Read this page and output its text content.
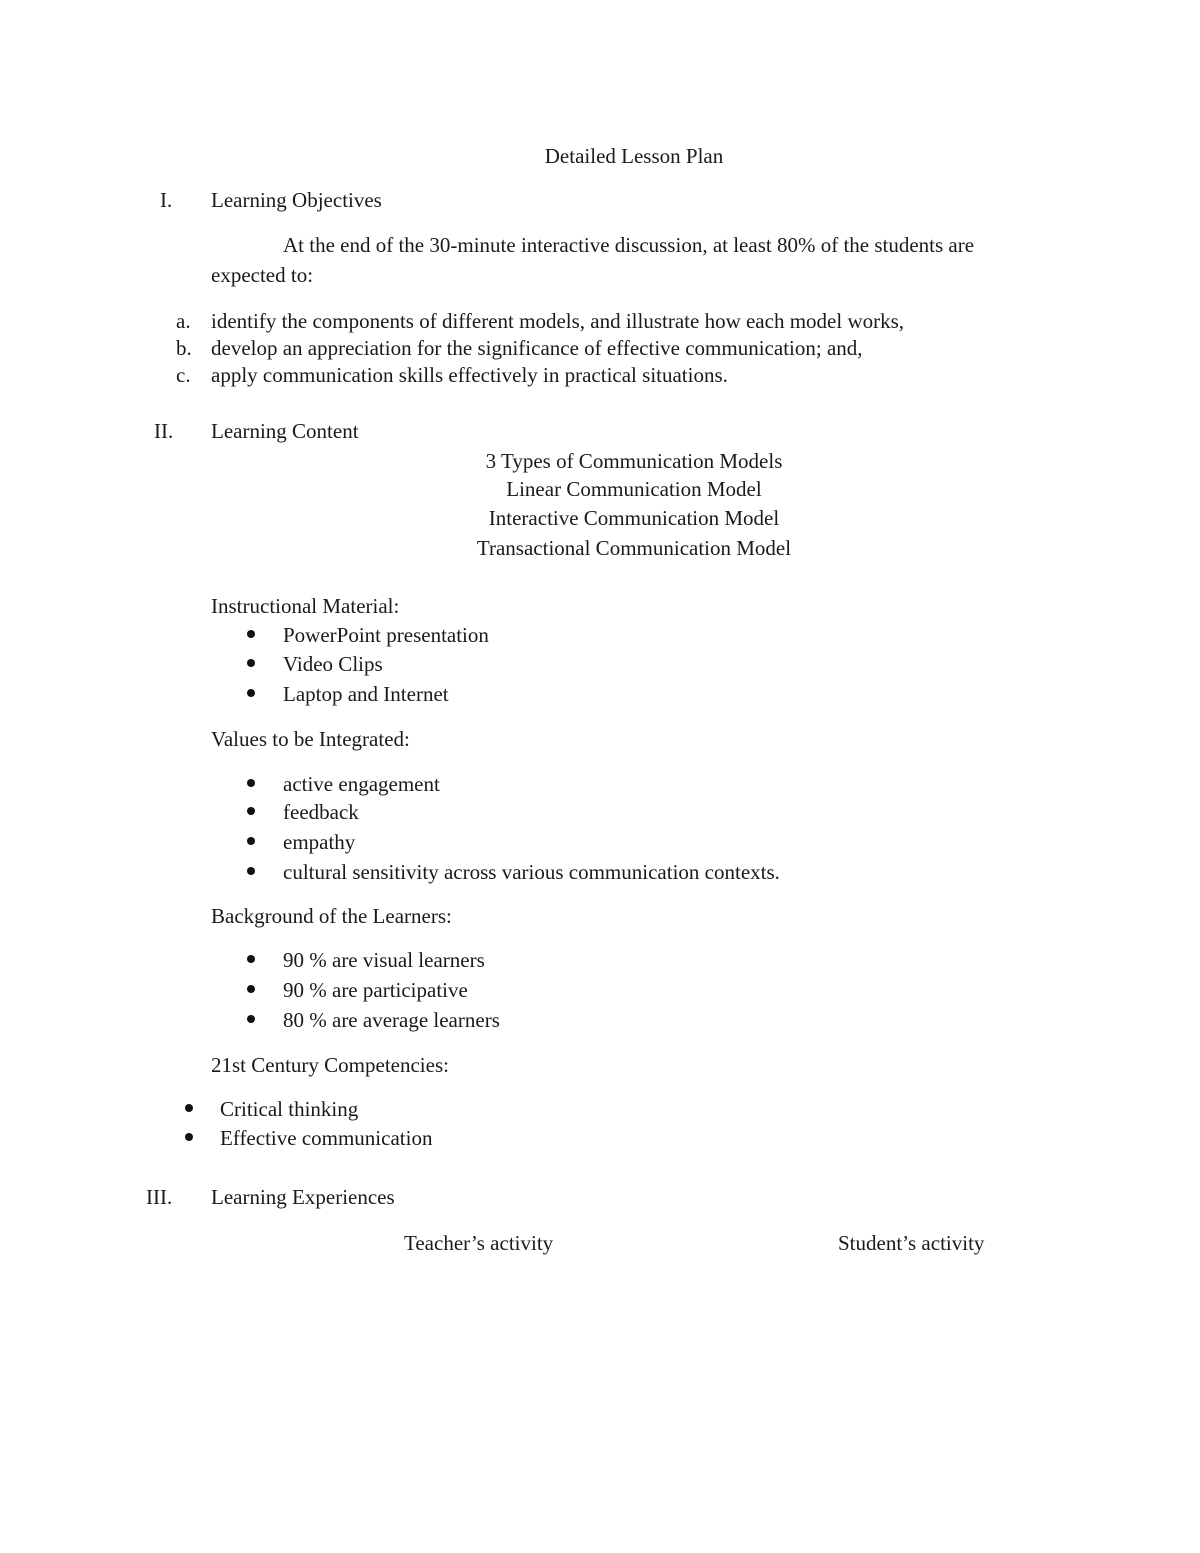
Detailed Lesson Plan
I. Learning Objectives
At the end of the 30-minute interactive discussion, at least 80% of the students are
expected to:
a. identify the components of different models, and illustrate how each model works,
b. develop an appreciation for the significance of effective communication; and,
c. apply communication skills effectively in practical situations.
II. Learning Content
3 Types of Communication Models
Linear Communication Model
Interactive Communication Model
Transactional Communication Model
Instructional Material:
PowerPoint presentation
Video Clips
Laptop and Internet
Values to be Integrated:
active engagement
feedback
empathy
cultural sensitivity across various communication contexts.
Background of the Learners:
90 % are visual learners
90 % are participative
80 % are average learners
21st Century Competencies:
Critical thinking
Effective communication
III. Learning Experiences
Teacher’s activity	Student’s activity
